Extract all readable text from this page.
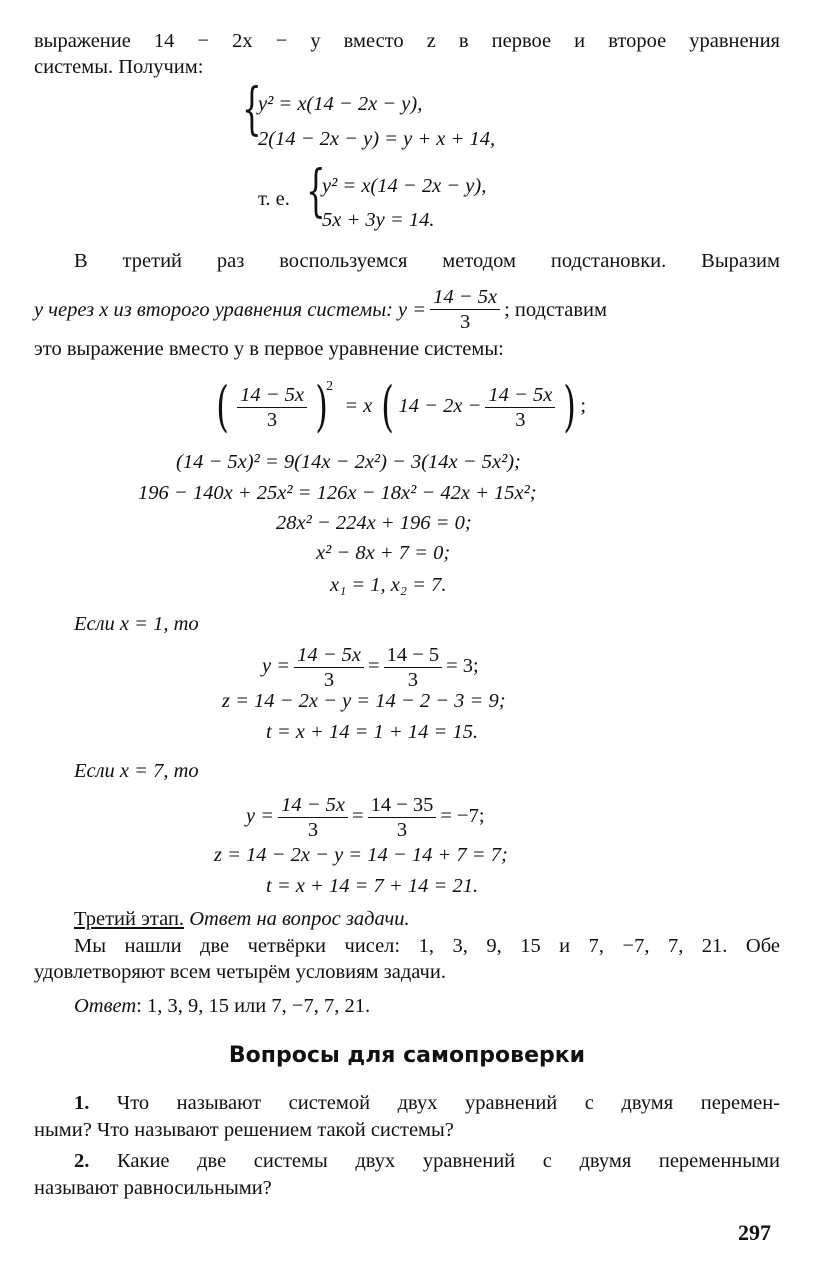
выражение 14 − 2x − y вместо z в первое и второе уравнения
системы. Получим:
{
y² = x(14 − 2x − y),
2(14 − 2x − y) = y + x + 14,
т. е. {
y² = x(14 − 2x − y),
5x + 3y = 14.
В третий раз воспользуемся методом подстановки. Выразим
y через x из второго уравнения системы: $y = \frac{14 - 5x}{3}$ ; подставим
это выражение вместо y в первое уравнение системы:
( $\frac{14 - 5x}{3} )^2 = x$ ( $14 - 2x - \frac{14 - 5x}{3}$ ) ;
(14 − 5x)² = 9(14x − 2x²) − 3(14x − 5x²);
196 − 140x + 25x² = 126x − 18x² − 42x + 15x²;
28x² − 224x + 196 = 0;
x² − 8x + 7 = 0;
x₁ = 1, x₂ = 7.
Если x = 1, то
$y = \frac{14 - 5x}{3} = \frac{14 - 5}{3} = 3$;
z = 14 − 2x − y = 14 − 2 − 3 = 9;
t = x + 14 = 1 + 14 = 15.
Если x = 7, то
$y = \frac{14 - 5x}{3} = \frac{14 - 35}{3} = -7$;
z = 14 − 2x − y = 14 − 14 + 7 = 7;
t = x + 14 = 7 + 14 = 21.
Третий этап. Ответ на вопрос задачи.
Мы нашли две четвёрки чисел: 1, 3, 9, 15 и 7, −7, 7, 21. Обе
удовлетворяют всем четырём условиям задачи.
Ответ: 1, 3, 9, 15 или 7, −7, 7, 21.
Вопросы для самопроверки
1. Что называют системой двух уравнений с двумя перемен-
ными? Что называют решением такой системы?
2. Какие две системы двух уравнений с двумя переменными
называют равносильными?
297
